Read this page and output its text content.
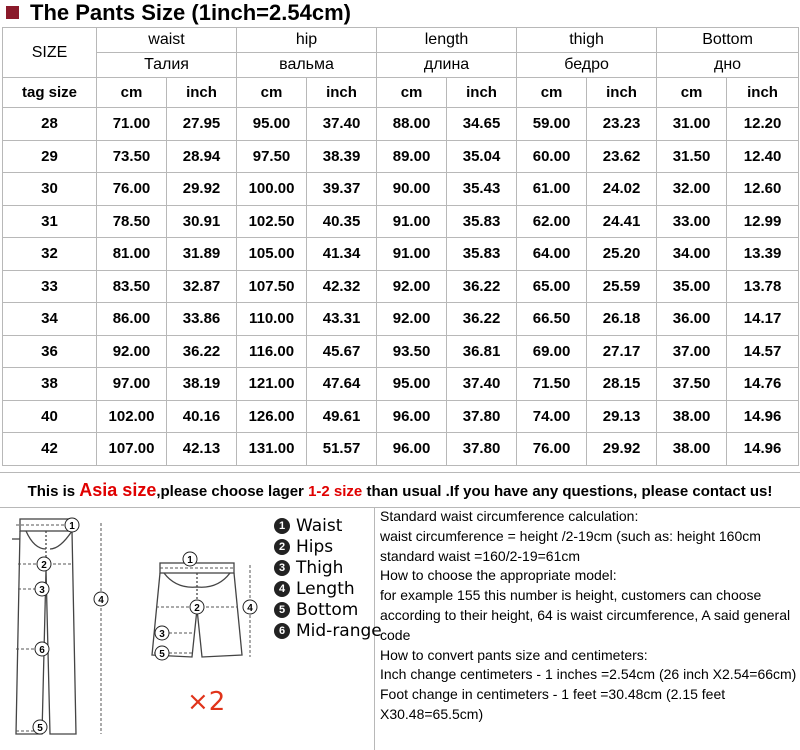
The Pants Size (1inch=2.54cm)
SIZE	waist		hip		length		thigh		Bottom	
	Талия		вальма		длина		бедро		дно	
tag size	cm	inch	cm	inch	cm	inch	cm	inch	cm	inch
28	71.00	27.95	95.00	37.40	88.00	34.65	59.00	23.23	31.00	12.20
29	73.50	28.94	97.50	38.39	89.00	35.04	60.00	23.62	31.50	12.40
30	76.00	29.92	100.00	39.37	90.00	35.43	61.00	24.02	32.00	12.60
31	78.50	30.91	102.50	40.35	91.00	35.83	62.00	24.41	33.00	12.99
32	81.00	31.89	105.00	41.34	91.00	35.83	64.00	25.20	34.00	13.39
33	83.50	32.87	107.50	42.32	92.00	36.22	65.00	25.59	35.00	13.78
34	86.00	33.86	110.00	43.31	92.00	36.22	66.50	26.18	36.00	14.17
36	92.00	36.22	116.00	45.67	93.50	36.81	69.00	27.17	37.00	14.57
38	97.00	38.19	121.00	47.64	95.00	37.40	71.50	28.15	37.50	14.76
40	102.00	40.16	126.00	49.61	96.00	37.80	74.00	29.13	38.00	14.96
42	107.00	42.13	131.00	51.57	96.00	37.80	76.00	29.92	38.00	14.96
This is Asia size,please choose lager 1-2 size than usual .If you have any questions, please contact us!
1
2
3
4
6
5
1
2
3
4
5
×2
1 Waist
2 Hips
3 Thigh
4 Length
5 Bottom
6 Mid-range

Standard waist circumference calculation:

waist circumference = height /2-19cm (such as: height 160cm standard waist =160/2-19=61cm

How to choose the appropriate model:

for example 155 this number is height, customers can choose according to their height, 64 is waist circumference, A said general code

How to convert pants size and centimeters:

Inch change centimeters - 1 inches =2.54cm (26 inch X2.54=66cm)

Foot change in centimeters - 1 feet =30.48cm (2.15 feet X30.48=65.5cm)
